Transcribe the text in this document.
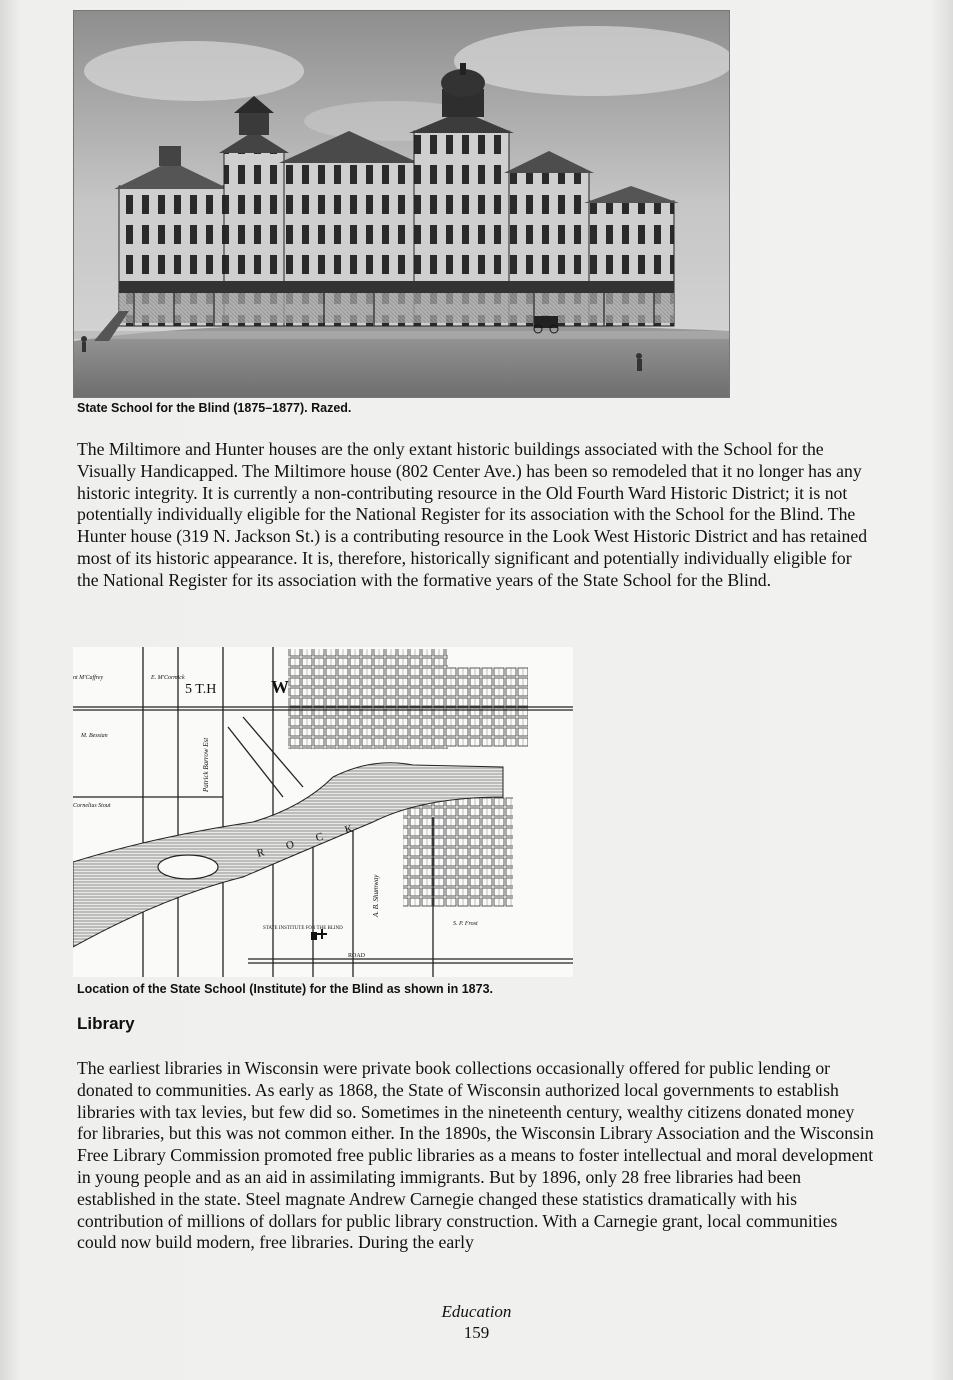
State School for the Blind (1875–1877). Razed.

The Miltimore and Hunter houses are the only extant historic buildings associated with the School for the Visually Handicapped. The Miltimore house (802 Center Ave.) has been so remodeled that it no longer has any historic integrity. It is currently a non-contributing resource in the Old Fourth Ward Historic District; it is not potentially individually eligible for the National Register for its association with the School for the Blind. The Hunter house (319 N. Jackson St.) is a contributing resource in the Look West Historic District and has retained most of its historic appearance. It is, therefore, historically significant and potentially individually eligible for the National Register for its association with the formative years of the State School for the Blind.

nt M'Caffrey	E. M'Cormick
5 T.H	W
M. Bessian
Cornelius Stout
Patrick Barrow Est
R O C K
STATE INSTITUTE FOR THE BLIND
ROAD
A. B. Shumway
S. P. Frost
Location of the State School (Institute) for the Blind as shown in 1873.
Library

The earliest libraries in Wisconsin were private book collections occasionally offered for public lending or donated to communities. As early as 1868, the State of Wisconsin authorized local governments to establish libraries with tax levies, but few did so. Sometimes in the nineteenth century, wealthy citizens donated money for libraries, but this was not common either. In the 1890s, the Wisconsin Library Association and the Wisconsin Free Library Commission promoted free public libraries as a means to foster intellectual and moral development in young people and as an aid in assimilating immigrants. But by 1896, only 28 free libraries had been established in the state. Steel magnate Andrew Carnegie changed these statistics dramatically with his contribution of millions of dollars for public library construction. With a Carnegie grant, local communities could now build modern, free libraries. During the early

Education
159
